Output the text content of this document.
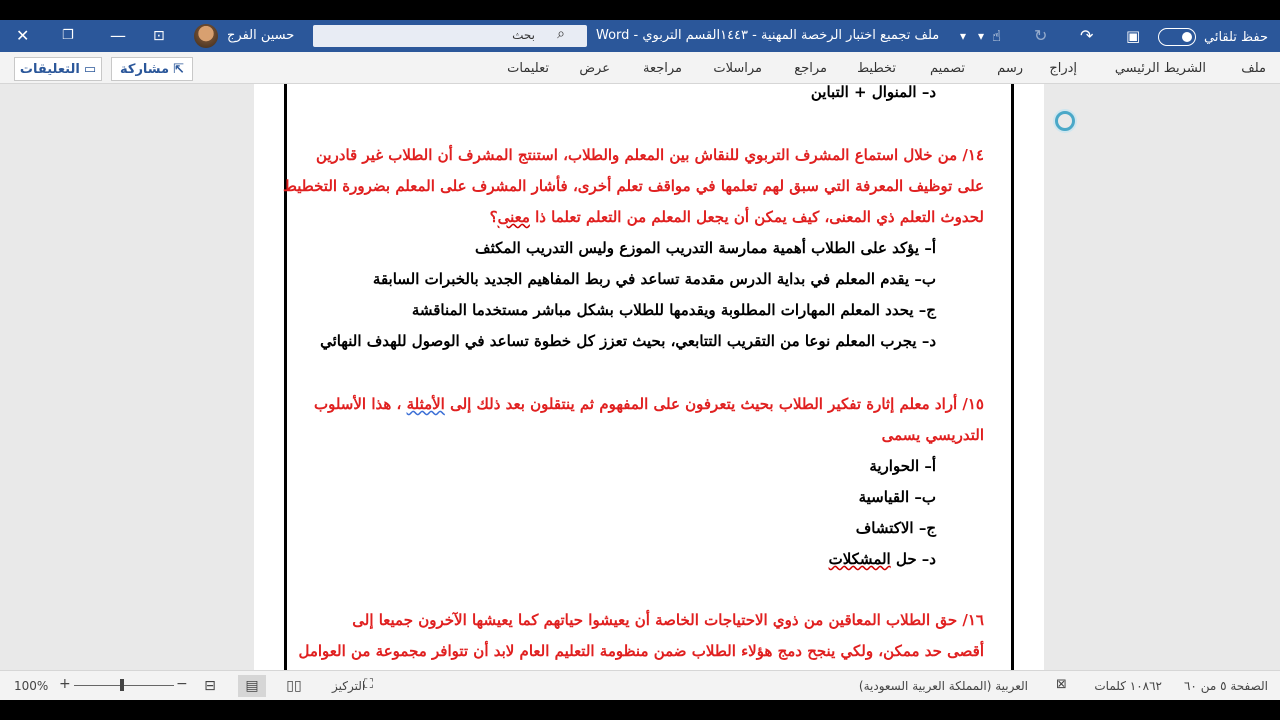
✕	❐ — ⊡	حسين الفرج	بحث ⌕ Word - ملف تجميع اختبار الرخصة المهنية - ١٤٤٣القسم التربوي ▾ ▾ ☝ ↻ ↷ ▣	حفظ تلقائي
ملف
الشريط الرئيسي
إدراج
رسم
تصميم
تخطيط
مراجع
مراسلات
مراجعة
عرض
تعليمات
⇱
مشاركة
▭
التعليقات
د– المنوال + التباين
١٤/ من خلال استماع المشرف التربوي للنقاش بين المعلم والطلاب، استنتج المشرف أن الطلاب غير قادرين
على توظيف المعرفة التي سبق لهم تعلمها في مواقف تعلم أخرى، فأشار المشرف على المعلم بضرورة التخطيط
لحدوث التعلم ذي المعنى، كيف يمكن أن يجعل المعلم من التعلم تعلما ذا معنى؟
أ– يؤكد على الطلاب أهمية ممارسة التدريب الموزع وليس التدريب المكثف
ب– يقدم المعلم في بداية الدرس مقدمة تساعد في ربط المفاهيم الجديد بالخبرات السابقة
ج– يحدد المعلم المهارات المطلوبة ويقدمها للطلاب بشكل مباشر مستخدما المناقشة
د– يجرب المعلم نوعا من التقريب التتابعي، بحيث تعزز كل خطوة تساعد في الوصول للهدف النهائي
١٥/ أراد معلم إثارة تفكير الطلاب بحيث يتعرفون على المفهوم ثم ينتقلون بعد ذلك إلى الأمثلة ، هذا الأسلوب
التدريسي يسمى
أ– الحوارية
ب– القياسية
ج– الاكتشاف
د– حل المشكلات
١٦/ حق الطلاب المعاقين من ذوي الاحتياجات الخاصة أن يعيشوا حياتهم كما يعيشها الآخرون جميعا إلى
أقصى حد ممكن، ولكي ينجح دمج هؤلاء الطلاب ضمن منظومة التعليم العام لابد أن تتوافر مجموعة من العوامل
الصفحة ٥ من ٦٠
١٠٨٦٢ كلمات
⊠
العربية (المملكة العربية السعودية)
⛶
التركيز
▯▯
▤
⊟
−
+
100%
